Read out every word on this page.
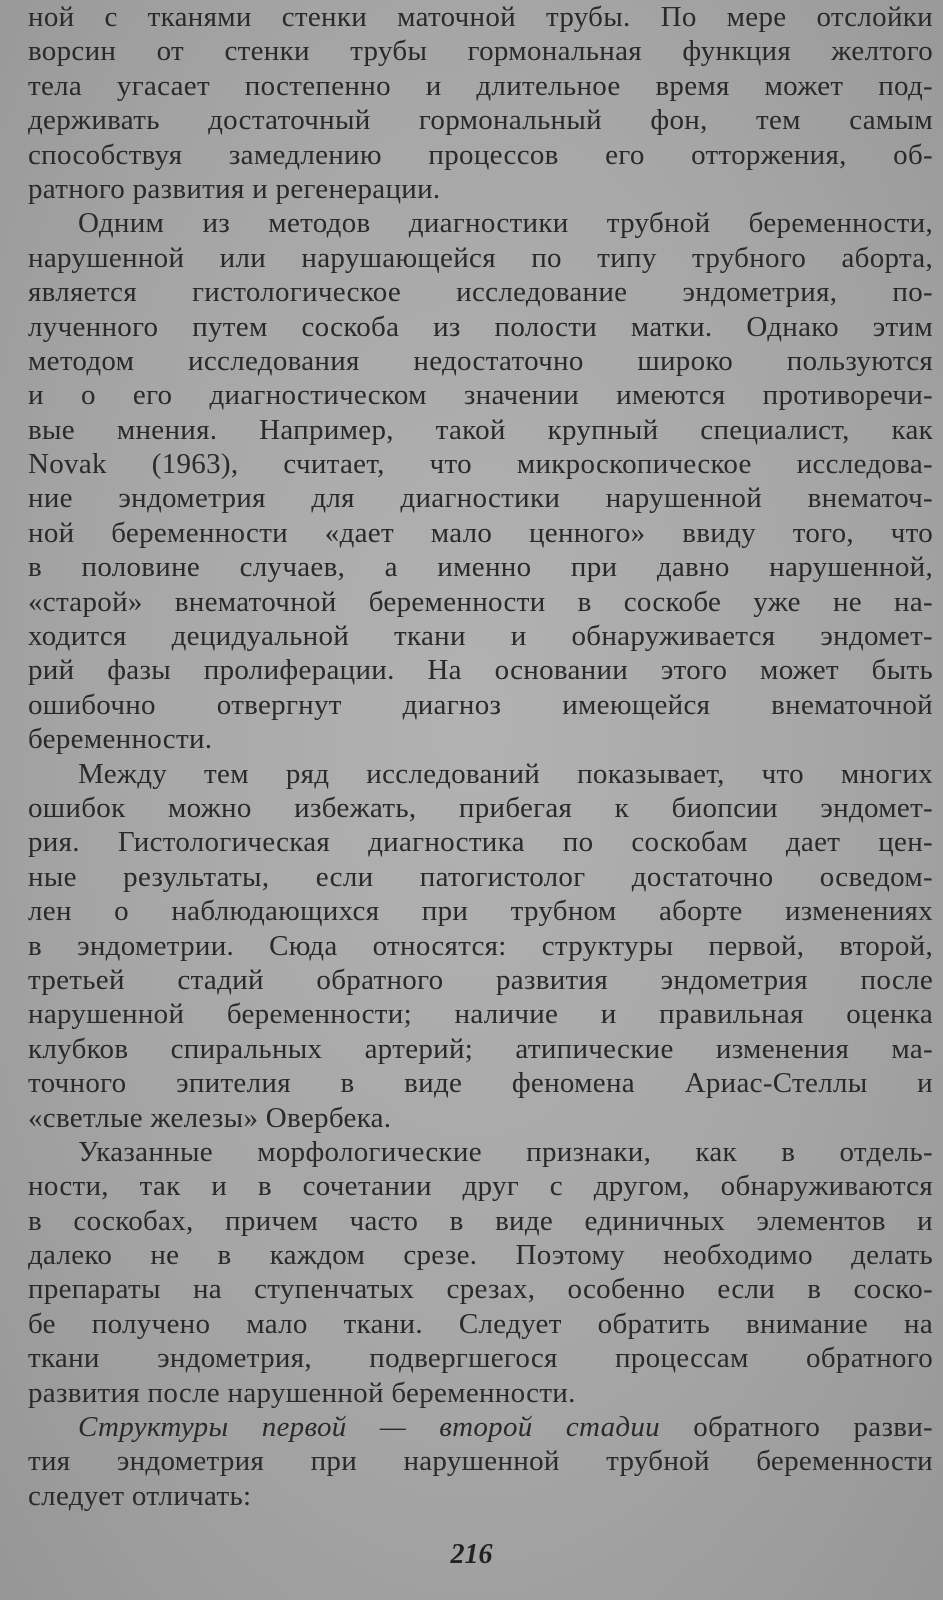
ной с тканями стенки маточной трубы. По мере отслойки
ворсин от стенки трубы гормональная функция желтого
тела угасает постепенно и длительное время может под-
держивать достаточный гормональный фон, тем самым
способствуя замедлению процессов его отторжения, об-
ратного развития и регенерации.
Одним из методов диагностики трубной беременности,
нарушенной или нарушающейся по типу трубного аборта,
является гистологическое исследование эндометрия, по-
лученного путем соскоба из полости матки. Однако этим
методом исследования недостаточно широко пользуются
и о его диагностическом значении имеются противоречи-
вые мнения. Например, такой крупный специалист, как
Novak (1963), считает, что микроскопическое исследова-
ние эндометрия для диагностики нарушенной внематоч-
ной беременности «дает мало ценного» ввиду того, что
в половине случаев, а именно при давно нарушенной,
«старой» внематочной беременности в соскобе уже не на-
ходится децидуальной ткани и обнаруживается эндомет-
рий фазы пролиферации. На основании этого может быть
ошибочно отвергнут диагноз имеющейся внематочной
беременности.
Между тем ряд исследований показывает, что многих
ошибок можно избежать, прибегая к биопсии эндомет-
рия. Гистологическая диагностика по соскобам дает цен-
ные результаты, если патогистолог достаточно осведом-
лен о наблюдающихся при трубном аборте изменениях
в эндометрии. Сюда относятся: структуры первой, второй,
третьей стадий обратного развития эндометрия после
нарушенной беременности; наличие и правильная оценка
клубков спиральных артерий; атипические изменения ма-
точного эпителия в виде феномена Ариас-Стеллы и
«светлые железы» Овербека.
Указанные морфологические признаки, как в отдель-
ности, так и в сочетании друг с другом, обнаруживаются
в соскобах, причем часто в виде единичных элементов и
далеко не в каждом срезе. Поэтому необходимо делать
препараты на ступенчатых срезах, особенно если в соско-
бе получено мало ткани. Следует обратить внимание на
ткани эндометрия, подвергшегося процессам обратного
развития после нарушенной беременности.
Структуры первой — второй стадии обратного разви-
тия эндометрия при нарушенной трубной беременности
следует отличать:
216
